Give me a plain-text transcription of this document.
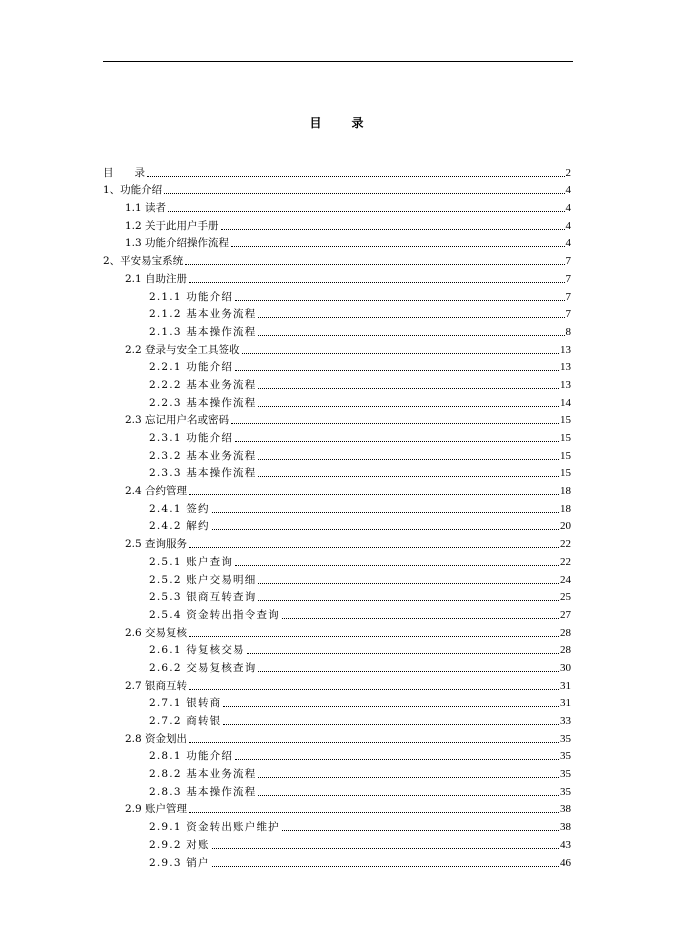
目	录
目　　录	2
1、功能介绍	4
1.1 读者	4
1.2 关于此用户手册	4
1.3 功能介绍操作流程	4
2、平安易宝系统	7
2.1 自助注册	7
2.1.1 功能介绍	7
2.1.2 基本业务流程	7
2.1.3 基本操作流程	8
2.2 登录与安全工具签收	13
2.2.1 功能介绍	13
2.2.2 基本业务流程	13
2.2.3 基本操作流程	14
2.3 忘记用户名或密码	15
2.3.1 功能介绍	15
2.3.2 基本业务流程	15
2.3.3 基本操作流程	15
2.4 合约管理	18
2.4.1 签约	18
2.4.2 解约	20
2.5 查询服务	22
2.5.1 账户查询	22
2.5.2 账户交易明细	24
2.5.3 银商互转查询	25
2.5.4 资金转出指令查询	27
2.6 交易复核	28
2.6.1 待复核交易	28
2.6.2 交易复核查询	30
2.7 银商互转	31
2.7.1 银转商	31
2.7.2 商转银	33
2.8 资金划出	35
2.8.1 功能介绍	35
2.8.2 基本业务流程	35
2.8.3 基本操作流程	35
2.9 账户管理	38
2.9.1 资金转出账户维护	38
2.9.2 对账	43
2.9.3 销户	46
